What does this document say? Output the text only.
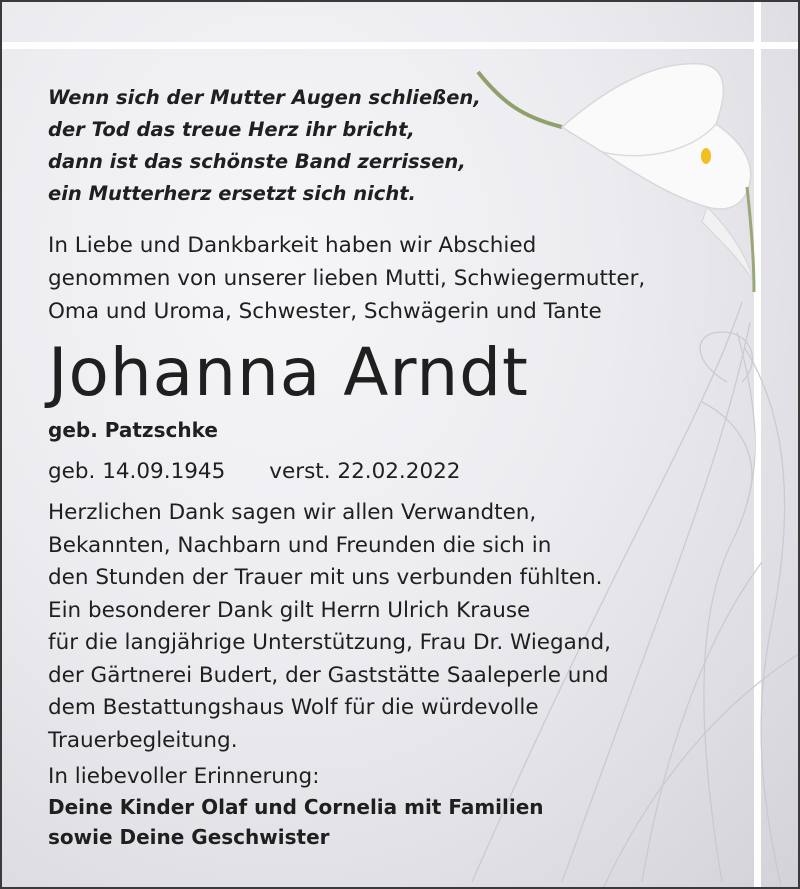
Wenn sich der Mutter Augen schließen,
der Tod das treue Herz ihr bricht,
dann ist das schönste Band zerrissen,
ein Mutterherz ersetzt sich nicht.
In Liebe und Dankbarkeit haben wir Abschied
genommen von unserer lieben Mutti, Schwiegermutter,
Oma und Uroma, Schwester, Schwägerin und Tante
Johanna Arndt
geb. Patzschke
geb. 14.09.1945 verst. 22.02.2022
Herzlichen Dank sagen wir allen Verwandten,
Bekannten, Nachbarn und Freunden die sich in
den Stunden der Trauer mit uns verbunden fühlten.
Ein besonderer Dank gilt Herrn Ulrich Krause
für die langjährige Unterstützung, Frau Dr. Wiegand,
der Gärtnerei Budert, der Gaststätte Saaleperle und
dem Bestattungshaus Wolf für die würdevolle
Trauerbegleitung.
In liebevoller Erinnerung:
Deine Kinder Olaf und Cornelia mit Familien
sowie Deine Geschwister
